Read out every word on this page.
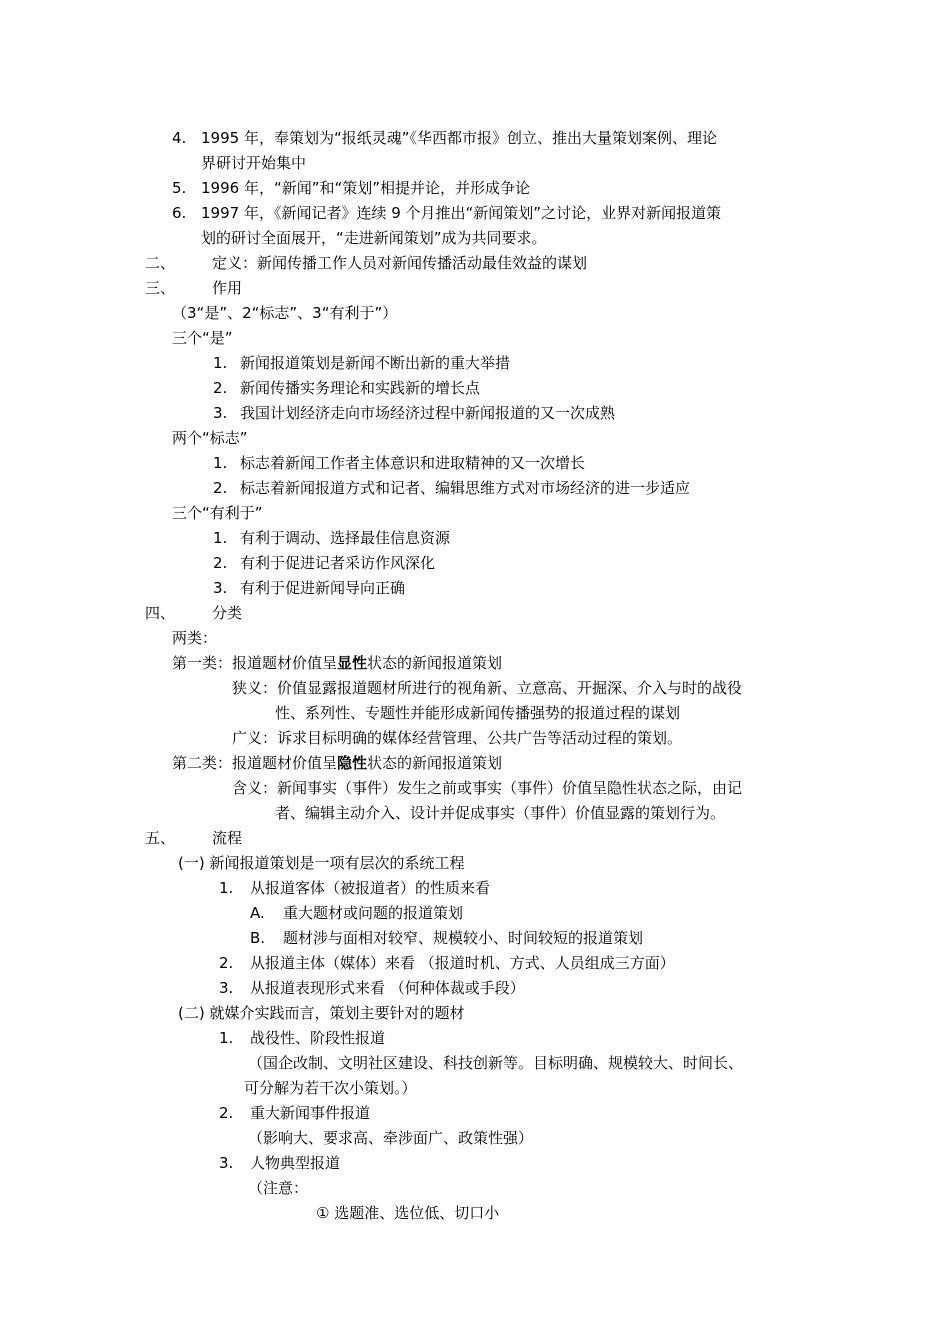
4. 1995 年，奉策划为“报纸灵魂”《华西都市报》创立、推出大量策划案例、理论
界研讨开始集中
5. 1996 年，“新闻”和“策划”相提并论，并形成争论
6. 1997 年，《新闻记者》连续 9 个月推出“新闻策划”之讨论，业界对新闻报道策
划的研讨全面展开，“走进新闻策划”成为共同要求。
二、 定义：新闻传播工作人员对新闻传播活动最佳效益的谋划
三、 作用
（3“是”、2“标志”、3“有利于”）
三个“是”
1. 新闻报道策划是新闻不断出新的重大举措
2. 新闻传播实务理论和实践新的增长点
3. 我国计划经济走向市场经济过程中新闻报道的又一次成熟
两个“标志”
1. 标志着新闻工作者主体意识和进取精神的又一次增长
2. 标志着新闻报道方式和记者、编辑思维方式对市场经济的进一步适应
三个“有利于”
1. 有利于调动、选择最佳信息资源
2. 有利于促进记者采访作风深化
3. 有利于促进新闻导向正确
四、 分类
两类：
第一类：报道题材价值呈显性状态的新闻报道策划
狭义：价值显露报道题材所进行的视角新、立意高、开掘深、介入与时的战役
性、系列性、专题性并能形成新闻传播强势的报道过程的谋划
广义：诉求目标明确的媒体经营管理、公共广告等活动过程的策划。
第二类：报道题材价值呈隐性状态的新闻报道策划
含义：新闻事实（事件）发生之前或事实（事件）价值呈隐性状态之际，由记
者、编辑主动介入、设计并促成事实（事件）价值显露的策划行为。
五、 流程
(一) 新闻报道策划是一项有层次的系统工程
1. 从报道客体（被报道者）的性质来看
A. 重大题材或问题的报道策划
B. 题材涉与面相对较窄、规模较小、时间较短的报道策划
2. 从报道主体（媒体）来看 （报道时机、方式、人员组成三方面）
3. 从报道表现形式来看 （何种体裁或手段）
(二) 就媒介实践而言，策划主要针对的题材
1. 战役性、阶段性报道
（国企改制、文明社区建设、科技创新等。目标明确、规模较大、时间长、
可分解为若干次小策划。）
2. 重大新闻事件报道
（影响大、要求高、牵涉面广、政策性强）
3. 人物典型报道
（注意：
① 选题准、选位低、切口小
